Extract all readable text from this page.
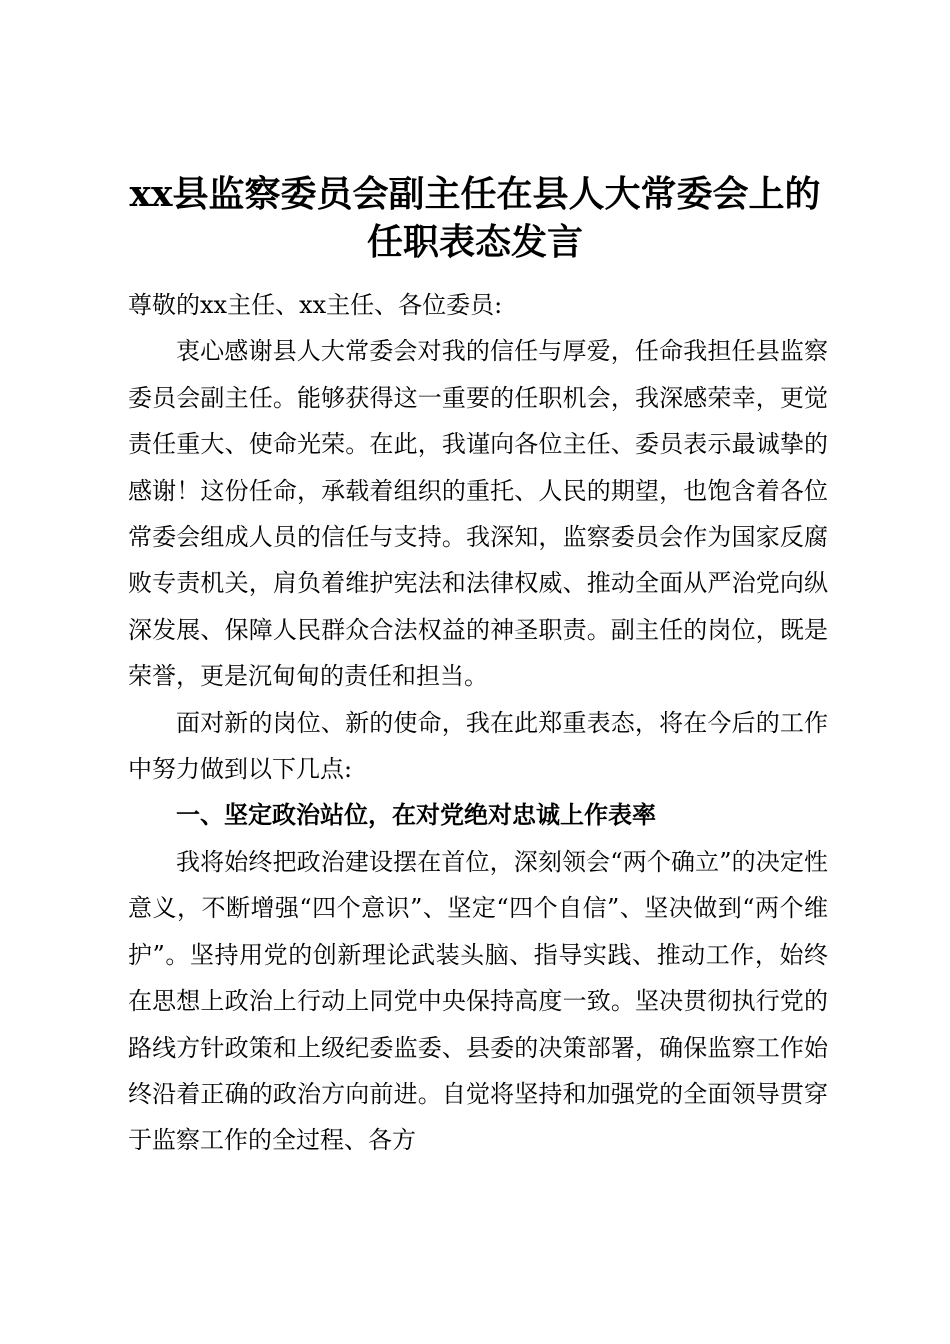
xx县监察委员会副主任在县人大常委会上的
任职表态发言

尊敬的xx主任、xx主任、各位委员:

衷心感谢县人大常委会对我的信任与厚爱，任命我担任县监察委员会副主任。能够获得这一重要的任职机会，我深感荣幸，更觉责任重大、使命光荣。在此，我谨向各位主任、委员表示最诚挚的感谢！这份任命，承载着组织的重托、人民的期望，也饱含着各位常委会组成人员的信任与支持。我深知，监察委员会作为国家反腐败专责机关，肩负着维护宪法和法律权威、推动全面从严治党向纵深发展、保障人民群众合法权益的神圣职责。副主任的岗位，既是荣誉，更是沉甸甸的责任和担当。

面对新的岗位、新的使命，我在此郑重表态，将在今后的工作中努力做到以下几点:

一、坚定政治站位，在对党绝对忠诚上作表率

我将始终把政治建设摆在首位，深刻领会“两个确立”的决定性意义，不断增强“四个意识”、坚定“四个自信”、坚决做到“两个维护”。坚持用党的创新理论武装头脑、指导实践、推动工作，始终在思想上政治上行动上同党中央保持高度一致。坚决贯彻执行党的路线方针政策和上级纪委监委、县委的决策部署，确保监察工作始终沿着正确的政治方向前进。自觉将坚持和加强党的全面领导贯穿于监察工作的全过程、各方
